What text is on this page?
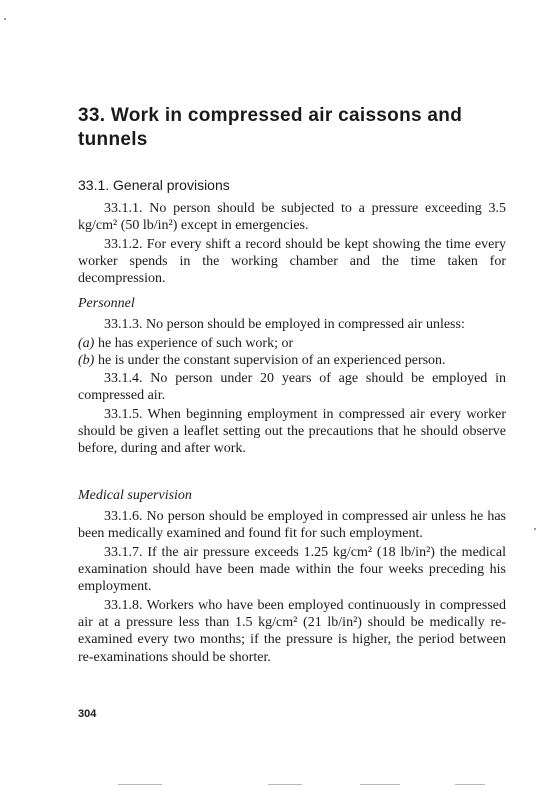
33. Work in compressed air caissons and tunnels
33.1. General provisions

33.1.1. No person should be subjected to a pressure exceeding 3.5 kg/cm² (50 lb/in²) except in emergencies.

33.1.2. For every shift a record should be kept showing the time every worker spends in the working chamber and the time taken for decompression.

Personnel

33.1.3. No person should be employed in compressed air unless:

(a) he has experience of such work; or

(b) he is under the constant supervision of an experienced person.

33.1.4. No person under 20 years of age should be employed in compressed air.

33.1.5. When beginning employment in compressed air every worker should be given a leaflet setting out the precautions that he should observe before, during and after work.

Medical supervision

33.1.6. No person should be employed in compressed air unless he has been medically examined and found fit for such employment.

33.1.7. If the air pressure exceeds 1.25 kg/cm² (18 lb/in²) the medical examination should have been made within the four weeks preceding his employment.

33.1.8. Workers who have been employed continuously in compressed air at a pressure less than 1.5 kg/cm² (21 lb/in²) should be medically re-examined every two months; if the pressure is higher, the period between re-examinations should be shorter.

304
